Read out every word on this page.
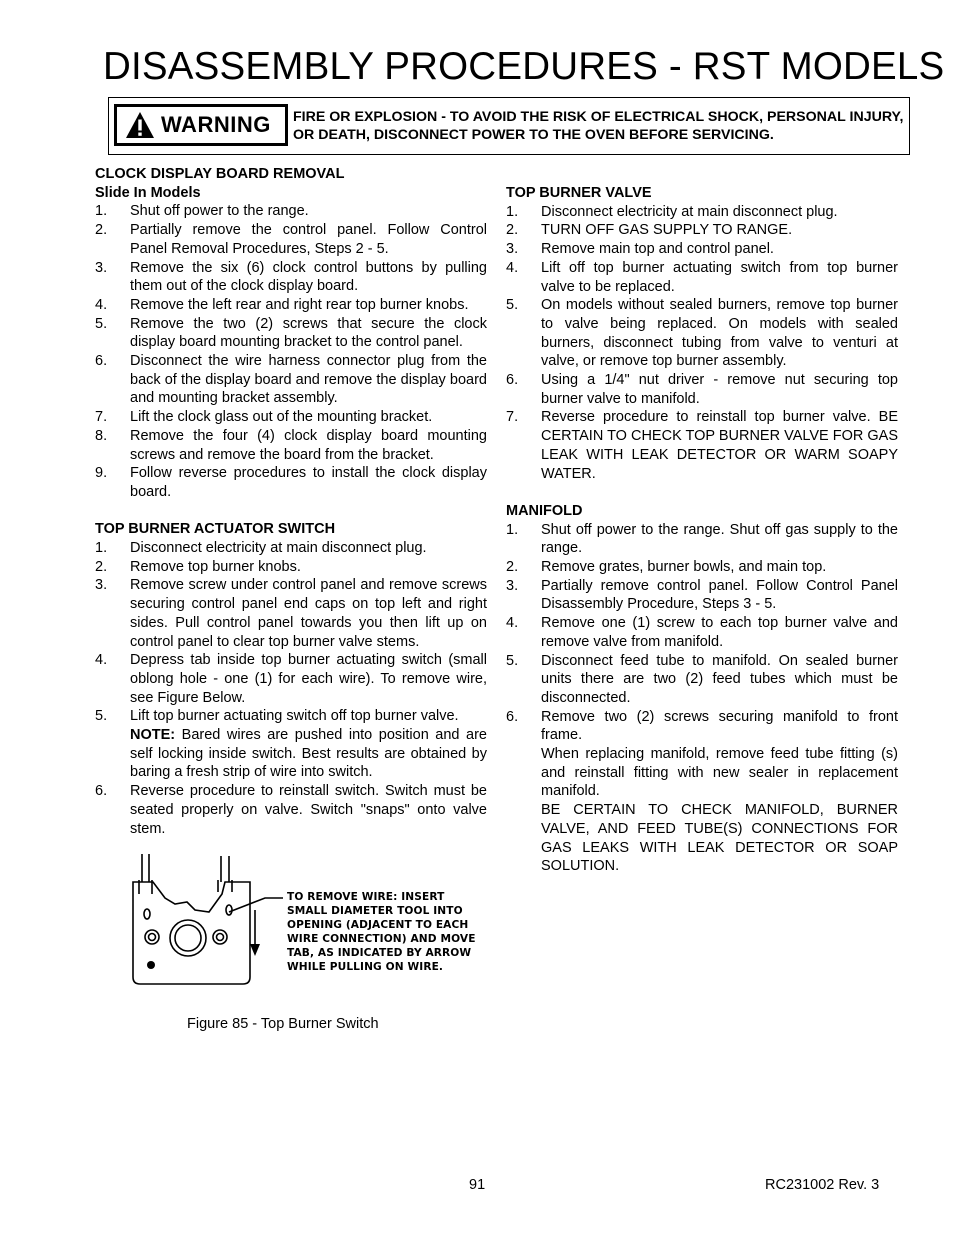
DISASSEMBLY PROCEDURES - RST MODELS
WARNING FIRE OR EXPLOSION - TO AVOID THE RISK OF ELECTRICAL SHOCK, PERSONAL INJURY, OR DEATH, DISCONNECT POWER TO THE OVEN BEFORE SERVICING.
CLOCK DISPLAY BOARD REMOVAL
Slide In Models
1.	Shut off power to the range.
2.	Partially remove the control panel. Follow Control Panel Removal Procedures, Steps 2 - 5.
3.	Remove the six (6) clock control buttons by pulling them out of the clock display board.
4.	Remove the left rear and right rear top burner knobs.
5.	Remove the two (2) screws that secure the clock display board mounting bracket to the control panel.
6.	Disconnect the wire harness connector plug from the back of the display board and remove the display board and mounting bracket assembly.
7.	Lift the clock glass out of the mounting bracket.
8.	Remove the four (4) clock display board mounting screws and remove the board from the bracket.
9.	Follow reverse procedures to install the clock display board.
TOP BURNER ACTUATOR SWITCH
1.	Disconnect electricity at main disconnect plug.
2.	Remove top burner knobs.
3.	Remove screw under control panel and remove screws securing control panel end caps on top left and right sides. Pull control panel towards you then lift up on control panel to clear top burner valve stems.
4.	Depress tab inside top burner actuating switch (small oblong hole - one (1) for each wire). To remove wire, see Figure Below.
5.	Lift top burner actuating switch off top burner valve.
NOTE: Bared wires are pushed into position and are self locking inside switch. Best results are obtained by baring a fresh strip of wire into switch.
6.	Reverse procedure to reinstall switch. Switch must be seated properly on valve. Switch "snaps" onto valve stem.
TO REMOVE WIRE: INSERT SMALL DIAMETER TOOL INTO OPENING (ADJACENT TO EACH WIRE CONNECTION) AND MOVE TAB, AS INDICATED BY ARROW WHILE PULLING ON WIRE.
Figure 85 - Top Burner Switch
TOP BURNER VALVE
1.	Disconnect electricity at main disconnect plug.
2.	TURN OFF GAS SUPPLY TO RANGE.
3.	Remove main top and control panel.
4.	Lift off top burner actuating switch from top burner valve to be replaced.
5.	On models without sealed burners, remove top burner to valve being replaced. On models with sealed burners, disconnect tubing from valve to venturi at valve, or remove top burner assembly.
6.	Using a 1/4" nut driver - remove nut securing top burner valve to manifold.
7.	Reverse procedure to reinstall top burner valve. BE CERTAIN TO CHECK TOP BURNER VALVE FOR GAS LEAK WITH LEAK DETECTOR OR WARM SOAPY WATER.
MANIFOLD
1.	Shut off power to the range. Shut off gas supply to the range.
2.	Remove grates, burner bowls, and main top.
3.	Partially remove control panel. Follow Control Panel Disassembly Procedure, Steps 3 - 5.
4.	Remove one (1) screw to each top burner valve and remove valve from manifold.
5.	Disconnect feed tube to manifold. On sealed burner units there are two (2) feed tubes which must be disconnected.
6.	Remove two (2) screws securing manifold to front frame.
When replacing manifold, remove feed tube fitting (s) and reinstall fitting with new sealer in replacement manifold.
BE CERTAIN TO CHECK MANIFOLD, BURNER VALVE, AND FEED TUBE(S) CONNECTIONS FOR GAS LEAKS WITH LEAK DETECTOR OR SOAP SOLUTION.
91	RC231002 Rev. 3
